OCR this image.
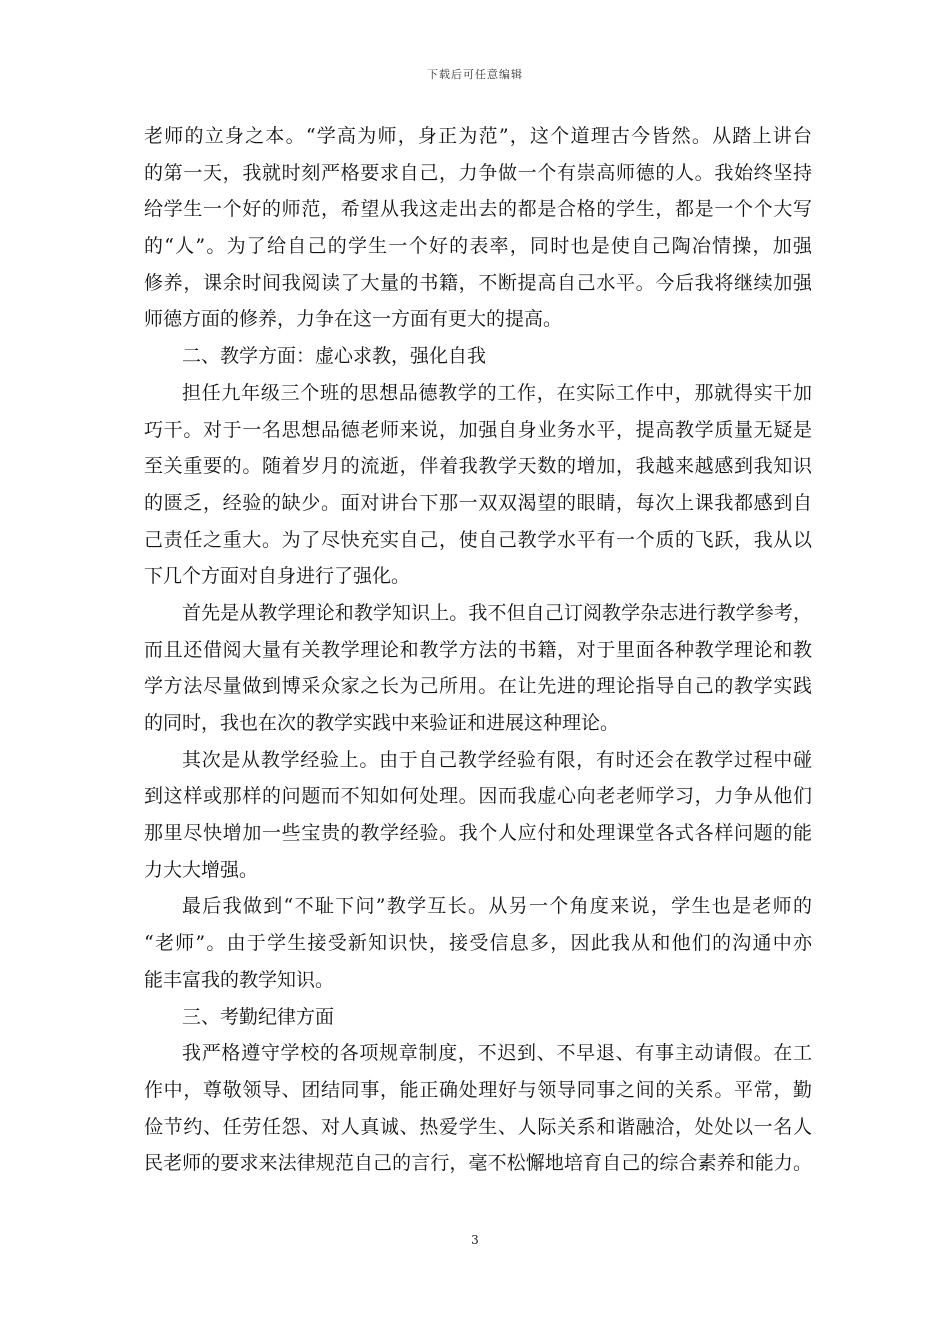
下载后可任意编辑
老师的立身之本。“学高为师，身正为范”，这个道理古今皆然。从踏上讲台
的第一天，我就时刻严格要求自己，力争做一个有崇高师德的人。我始终坚持
给学生一个好的师范，希望从我这走出去的都是合格的学生，都是一个个大写
的“人”。为了给自己的学生一个好的表率，同时也是使自己陶冶情操，加强
修养，课余时间我阅读了大量的书籍，不断提高自己水平。今后我将继续加强
师德方面的修养，力争在这一方面有更大的提高。
二、教学方面：虚心求教，强化自我
担任九年级三个班的思想品德教学的工作，在实际工作中，那就得实干加
巧干。对于一名思想品德老师来说，加强自身业务水平，提高教学质量无疑是
至关重要的。随着岁月的流逝，伴着我教学天数的增加，我越来越感到我知识
的匮乏，经验的缺少。面对讲台下那一双双渴望的眼睛，每次上课我都感到自
己责任之重大。为了尽快充实自己，使自己教学水平有一个质的飞跃，我从以
下几个方面对自身进行了强化。
首先是从教学理论和教学知识上。我不但自己订阅教学杂志进行教学参考，
而且还借阅大量有关教学理论和教学方法的书籍，对于里面各种教学理论和教
学方法尽量做到博采众家之长为己所用。在让先进的理论指导自己的教学实践
的同时，我也在次的教学实践中来验证和进展这种理论。
其次是从教学经验上。由于自己教学经验有限，有时还会在教学过程中碰
到这样或那样的问题而不知如何处理。因而我虚心向老老师学习，力争从他们
那里尽快增加一些宝贵的教学经验。我个人应付和处理课堂各式各样问题的能
力大大增强。
最后我做到“不耻下问”教学互长。从另一个角度来说，学生也是老师的
“老师”。由于学生接受新知识快，接受信息多，因此我从和他们的沟通中亦
能丰富我的教学知识。
三、考勤纪律方面
我严格遵守学校的各项规章制度，不迟到、不早退、有事主动请假。在工
作中，尊敬领导、团结同事，能正确处理好与领导同事之间的关系。平常，勤
俭节约、任劳任怨、对人真诚、热爱学生、人际关系和谐融洽，处处以一名人
民老师的要求来法律规范自己的言行，毫不松懈地培育自己的综合素养和能力。
3
